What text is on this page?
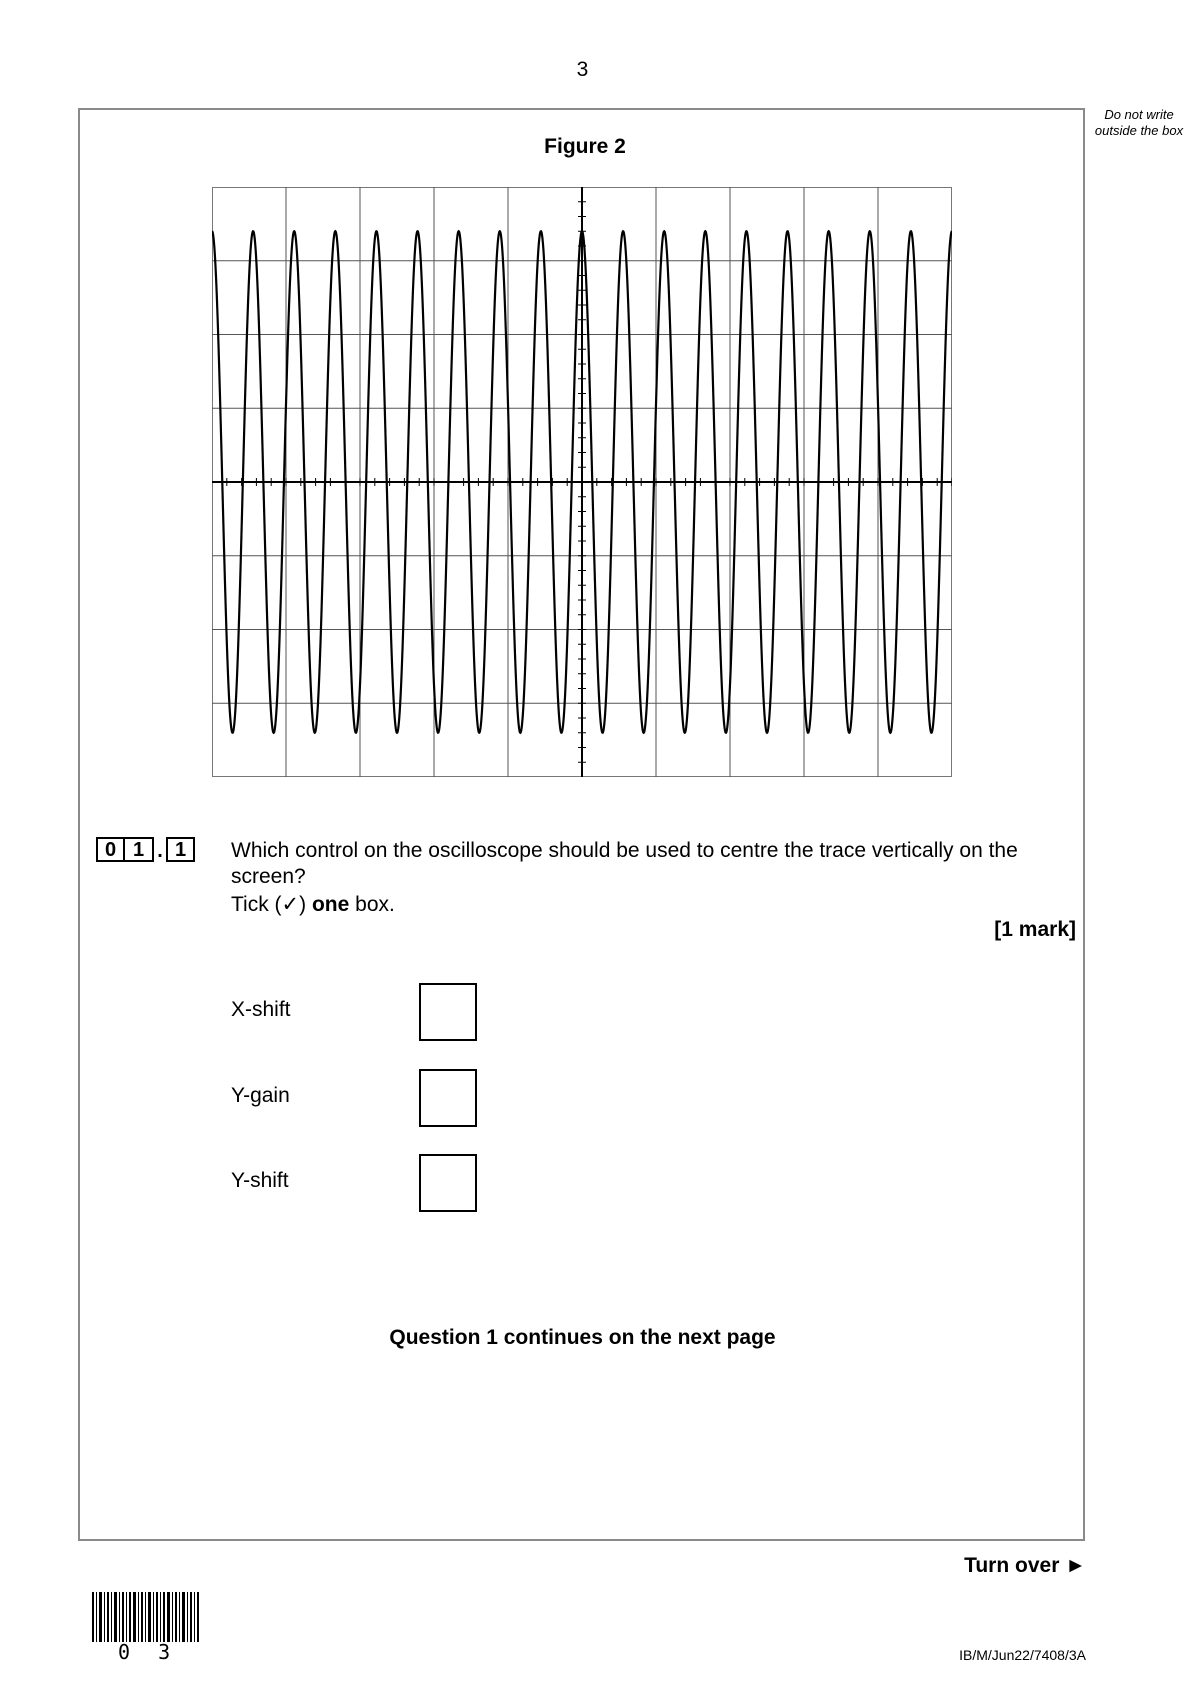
3
Do not write outside the box
Figure 2
0 1 . 1	Which control on the oscilloscope should be used to centre the trace vertically on the screen?
Tick (✓) one box.
[1 mark]
X-shift
Y-gain
Y-shift
Question 1 continues on the next page
Turn over ►
0 3	IB/M/Jun22/7408/3A
